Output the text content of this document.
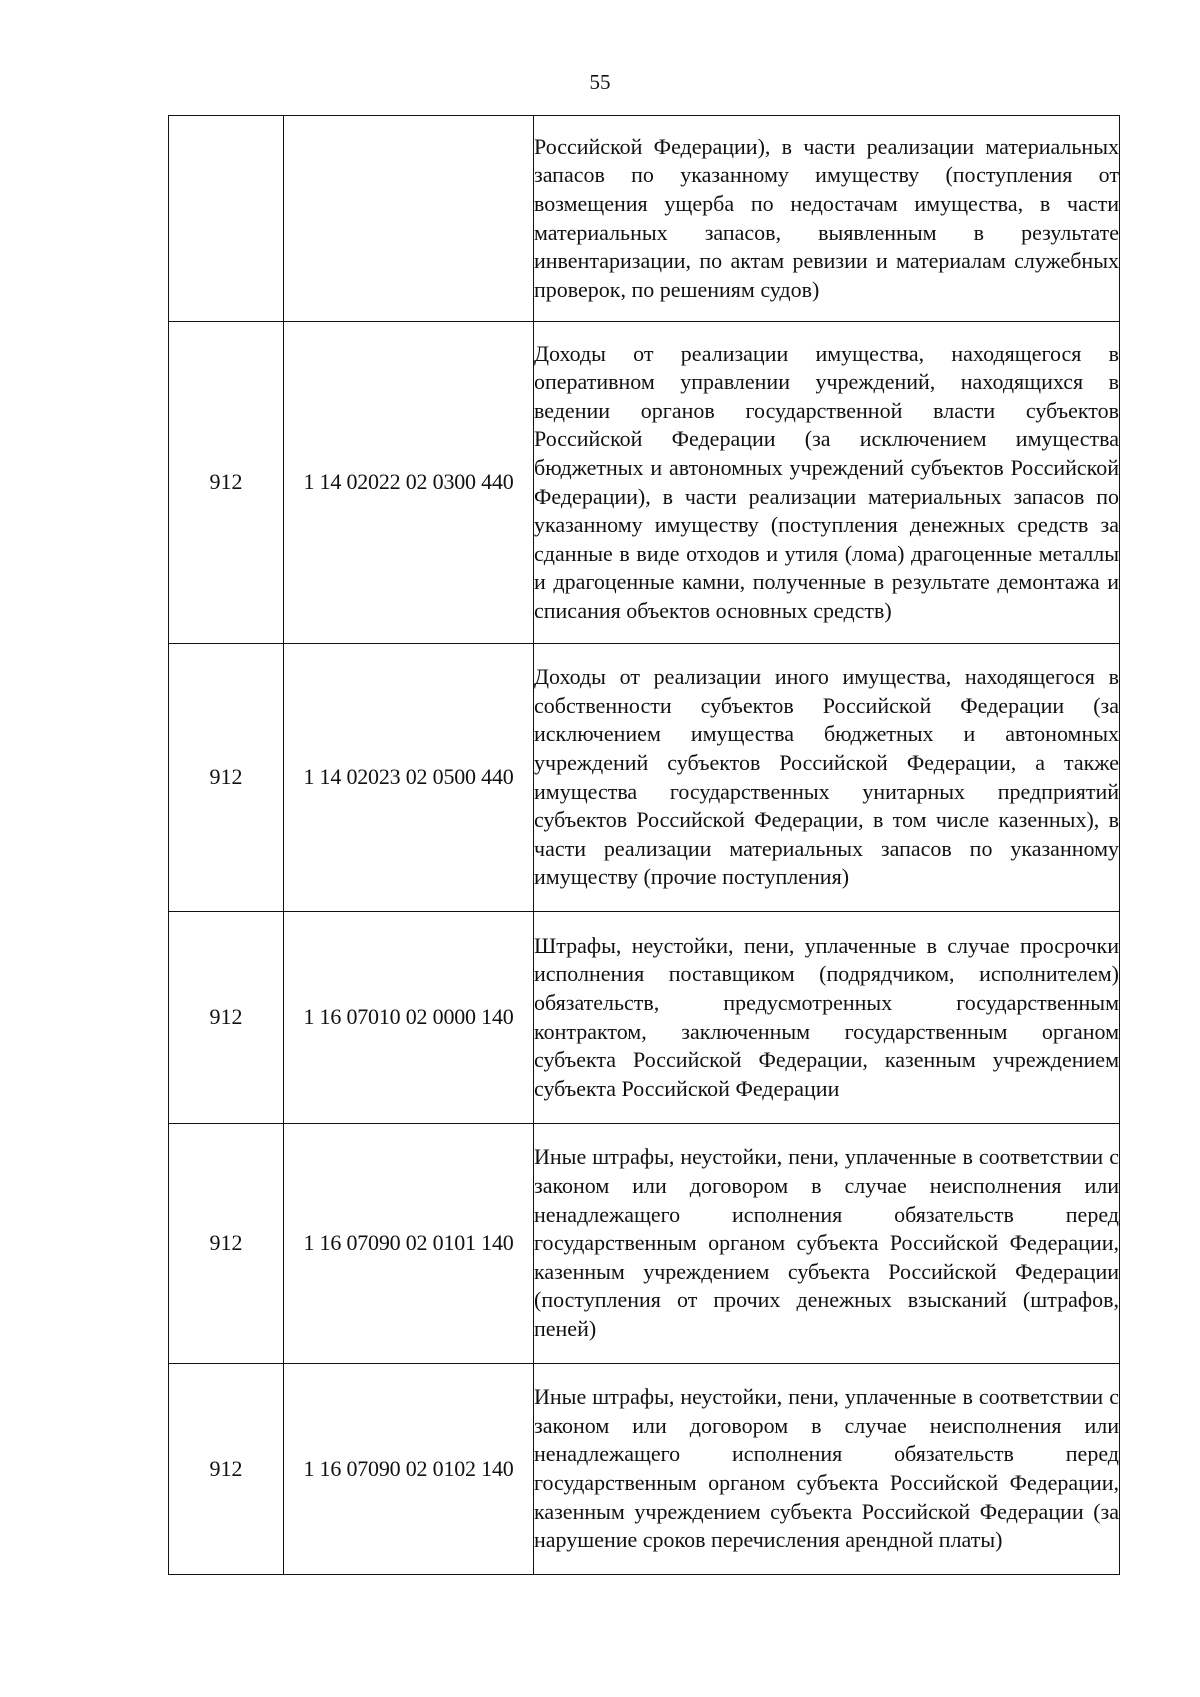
55
		Российской Федерации), в части реализации материальных запасов по указанному имуществу (поступления от возмещения ущерба по недостачам имущества, в части материальных запасов, выявленным в результате инвентаризации, по актам ревизии и материалам служебных проверок, по решениям судов)
912	1 14 02022 02 0300 440	Доходы от реализации имущества, находящегося в оперативном управлении учреждений, находящихся в ведении органов государственной власти субъектов Российской Федерации (за исключением имущества бюджетных и автономных учреждений субъектов Российской Федерации), в части реализации материальных запасов по указанному имуществу (поступления денежных средств за сданные в виде отходов и утиля (лома) драгоценные металлы и драгоценные камни, полученные в результате демонтажа и списания объектов основных средств)
912	1 14 02023 02 0500 440	Доходы от реализации иного имущества, находящегося в собственности субъектов Российской Федерации (за исключением имущества бюджетных и автономных учреждений субъектов Российской Федерации, а также имущества государственных унитарных предприятий субъектов Российской Федерации, в том числе казенных), в части реализации материальных запасов по указанному имуществу (прочие поступления)
912	1 16 07010 02 0000 140	Штрафы, неустойки, пени, уплаченные в случае просрочки исполнения поставщиком (подрядчиком, исполнителем) обязательств, предусмотренных государственным контрактом, заключенным государственным органом субъекта Российской Федерации, казенным учреждением субъекта Российской Федерации
912	1 16 07090 02 0101 140	Иные штрафы, неустойки, пени, уплаченные в соответствии с законом или договором в случае неисполнения или ненадлежащего исполнения обязательств перед государственным органом субъекта Российской Федерации, казенным учреждением субъекта Российской Федерации (поступления от прочих денежных взысканий (штрафов, пеней)
912	1 16 07090 02 0102 140	Иные штрафы, неустойки, пени, уплаченные в соответствии с законом или договором в случае неисполнения или ненадлежащего исполнения обязательств перед государственным органом субъекта Российской Федерации, казенным учреждением субъекта Российской Федерации (за нарушение сроков перечисления арендной платы)
